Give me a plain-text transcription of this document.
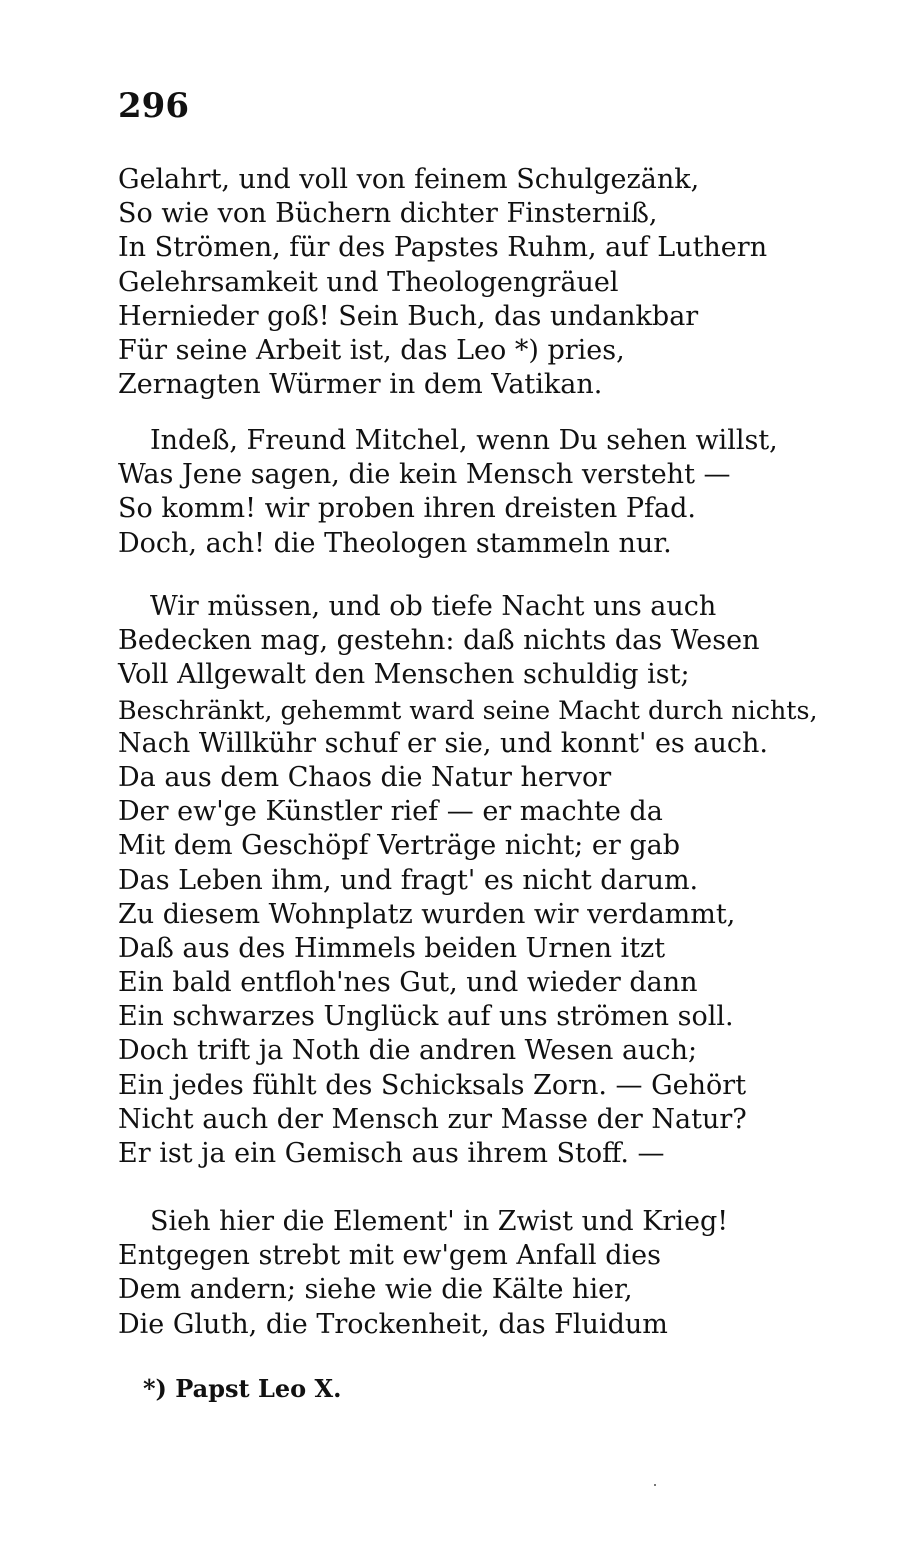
296
Gelahrt, und voll von feinem Schulgezänk,
So wie von Büchern dichter Finsterniß,
In Strömen, für des Papstes Ruhm, auf Luthern
Gelehrsamkeit und Theologengräuel
Hernieder goß! Sein Buch, das undankbar
Für seine Arbeit ist, das Leo *) pries,
Zernagten Würmer in dem Vatikan.
Indeß, Freund Mitchel, wenn Du sehen willst,
Was Jene sagen, die kein Mensch versteht —
So komm! wir proben ihren dreisten Pfad.
Doch, ach! die Theologen stammeln nur.
Wir müssen, und ob tiefe Nacht uns auch
Bedecken mag, gestehn: daß nichts das Wesen
Voll Allgewalt den Menschen schuldig ist;
Beschränkt, gehemmt ward seine Macht durch nichts,
Nach Willkühr schuf er sie, und konnt' es auch.
Da aus dem Chaos die Natur hervor
Der ew'ge Künstler rief — er machte da
Mit dem Geschöpf Verträge nicht; er gab
Das Leben ihm, und fragt' es nicht darum.
Zu diesem Wohnplatz wurden wir verdammt,
Daß aus des Himmels beiden Urnen itzt
Ein bald entfloh'nes Gut, und wieder dann
Ein schwarzes Unglück auf uns strömen soll.
Doch trift ja Noth die andren Wesen auch;
Ein jedes fühlt des Schicksals Zorn. — Gehört
Nicht auch der Mensch zur Masse der Natur?
Er ist ja ein Gemisch aus ihrem Stoff. —
Sieh hier die Element' in Zwist und Krieg!
Entgegen strebt mit ew'gem Anfall dies
Dem andern; siehe wie die Kälte hier,
Die Gluth, die Trockenheit, das Fluidum
*) Papst Leo X.
